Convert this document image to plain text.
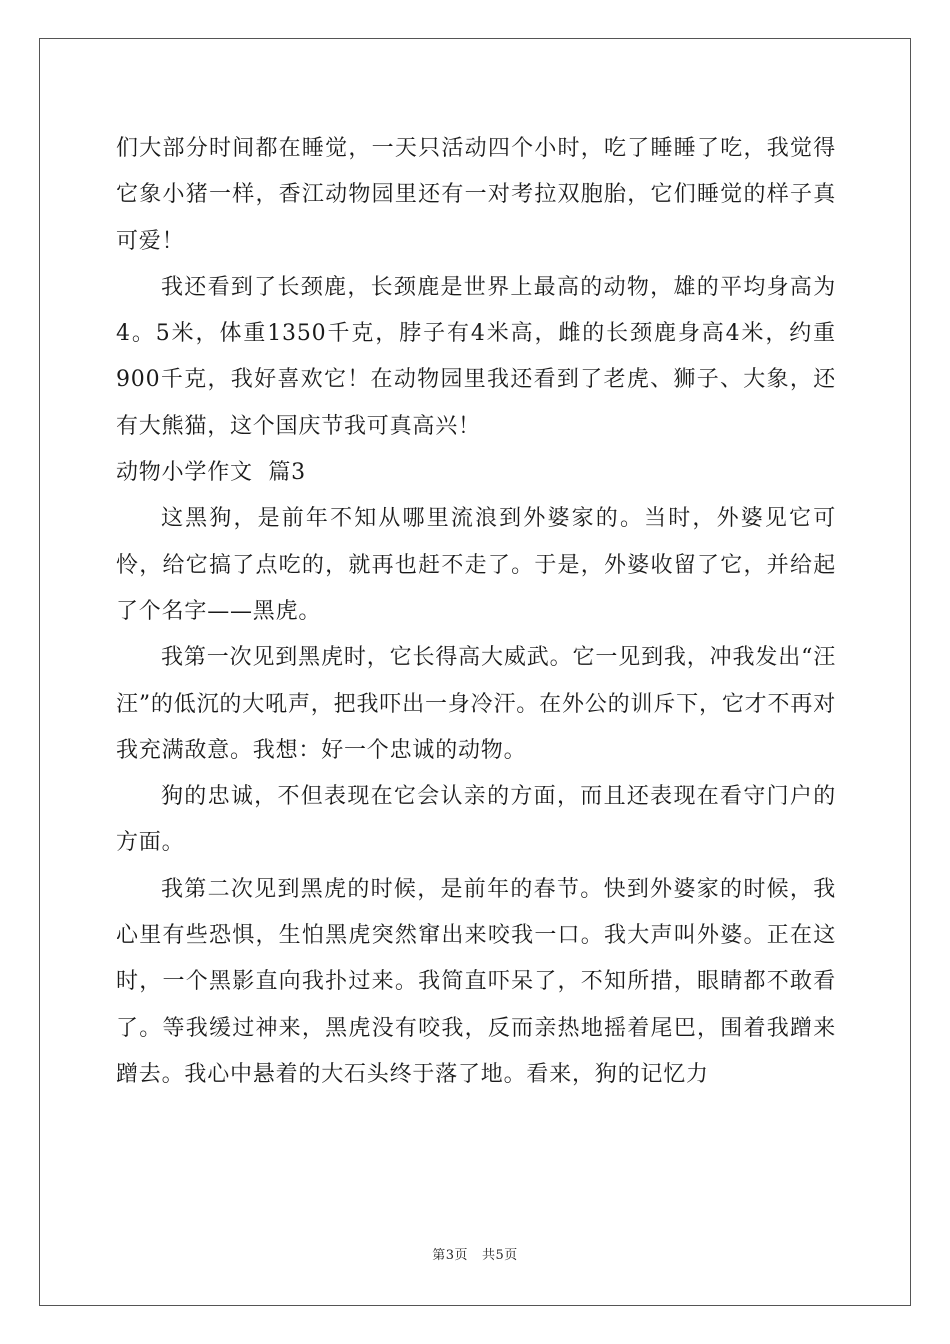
们大部分时间都在睡觉，一天只活动四个小时，吃了睡睡了吃，我觉得它象小猪一样，香江动物园里还有一对考拉双胞胎，它们睡觉的样子真可爱！

我还看到了长颈鹿，长颈鹿是世界上最高的动物，雄的平均身高为4。5米，体重1350千克，脖子有4米高，雌的长颈鹿身高4米，约重900千克，我好喜欢它！在动物园里我还看到了老虎、狮子、大象，还有大熊猫，这个国庆节我可真高兴！

动物小学作文  篇3

这黑狗，是前年不知从哪里流浪到外婆家的。当时，外婆见它可怜，给它搞了点吃的，就再也赶不走了。于是，外婆收留了它，并给起了个名字——黑虎。

我第一次见到黑虎时，它长得高大威武。它一见到我，冲我发出“汪汪”的低沉的大吼声，把我吓出一身冷汗。在外公的训斥下，它才不再对我充满敌意。我想：好一个忠诚的动物。

狗的忠诚，不但表现在它会认亲的方面，而且还表现在看守门户的方面。

我第二次见到黑虎的时候，是前年的春节。快到外婆家的时候，我心里有些恐惧，生怕黑虎突然窜出来咬我一口。我大声叫外婆。正在这时，一个黑影直向我扑过来。我简直吓呆了，不知所措，眼睛都不敢看了。等我缓过神来，黑虎没有咬我，反而亲热地摇着尾巴，围着我蹭来蹭去。我心中悬着的大石头终于落了地。看来，狗的记忆力

第3页 共5页
